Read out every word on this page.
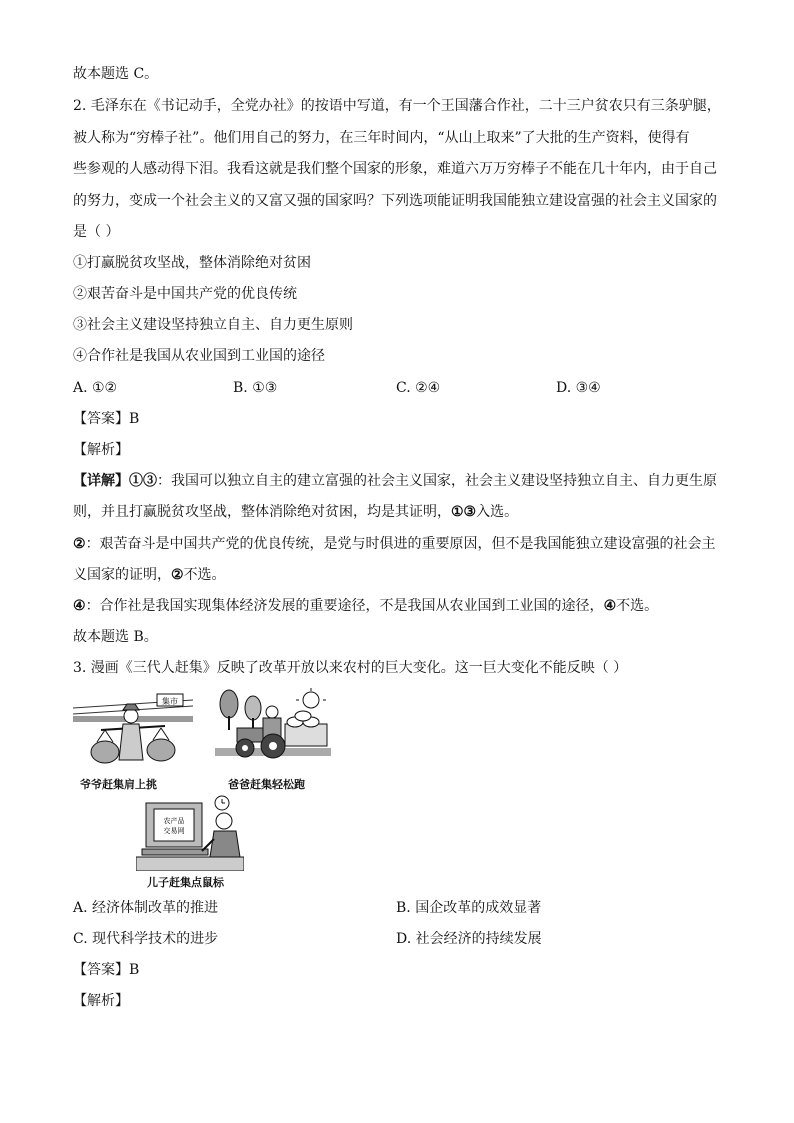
故本题选 C。
2. 毛泽东在《书记动手，全党办社》的按语中写道，有一个王国藩合作社，二十三户贫农只有三条驴腿，
被人称为“穷棒子社”。他们用自己的努力，在三年时间内，“从山上取来”了大批的生产资料，使得有
些参观的人感动得下泪。我看这就是我们整个国家的形象，难道六万万穷棒子不能在几十年内，由于自己
的努力，变成一个社会主义的又富又强的国家吗？下列选项能证明我国能独立建设富强的社会主义国家的
是（ ）
①打赢脱贫攻坚战，整体消除绝对贫困
②艰苦奋斗是中国共产党的优良传统
③社会主义建设坚持独立自主、自力更生原则
④合作社是我国从农业国到工业国的途径
A. ①②	B. ①③	C. ②④	D. ③④
【答案】B
【解析】
【详解】①③：我国可以独立自主的建立富强的社会主义国家，社会主义建设坚持独立自主、自力更生原
则，并且打赢脱贫攻坚战，整体消除绝对贫困，均是其证明，①③入选。
②：艰苦奋斗是中国共产党的优良传统，是党与时俱进的重要原因，但不是我国能独立建设富强的社会主
义国家的证明，②不选。
④：合作社是我国实现集体经济发展的重要途径，不是我国从农业国到工业国的途径，④不选。
故本题选 B。
3. 漫画《三代人赶集》反映了改革开放以来农村的巨大变化。这一巨大变化不能反映（ ）
集市
爷爷赶集肩上挑	爸爸赶集轻松跑
农产品
交易网
儿子赶集点鼠标
A. 经济体制改革的推进	B. 国企改革的成效显著
C. 现代科学技术的进步	D. 社会经济的持续发展
【答案】B
【解析】
